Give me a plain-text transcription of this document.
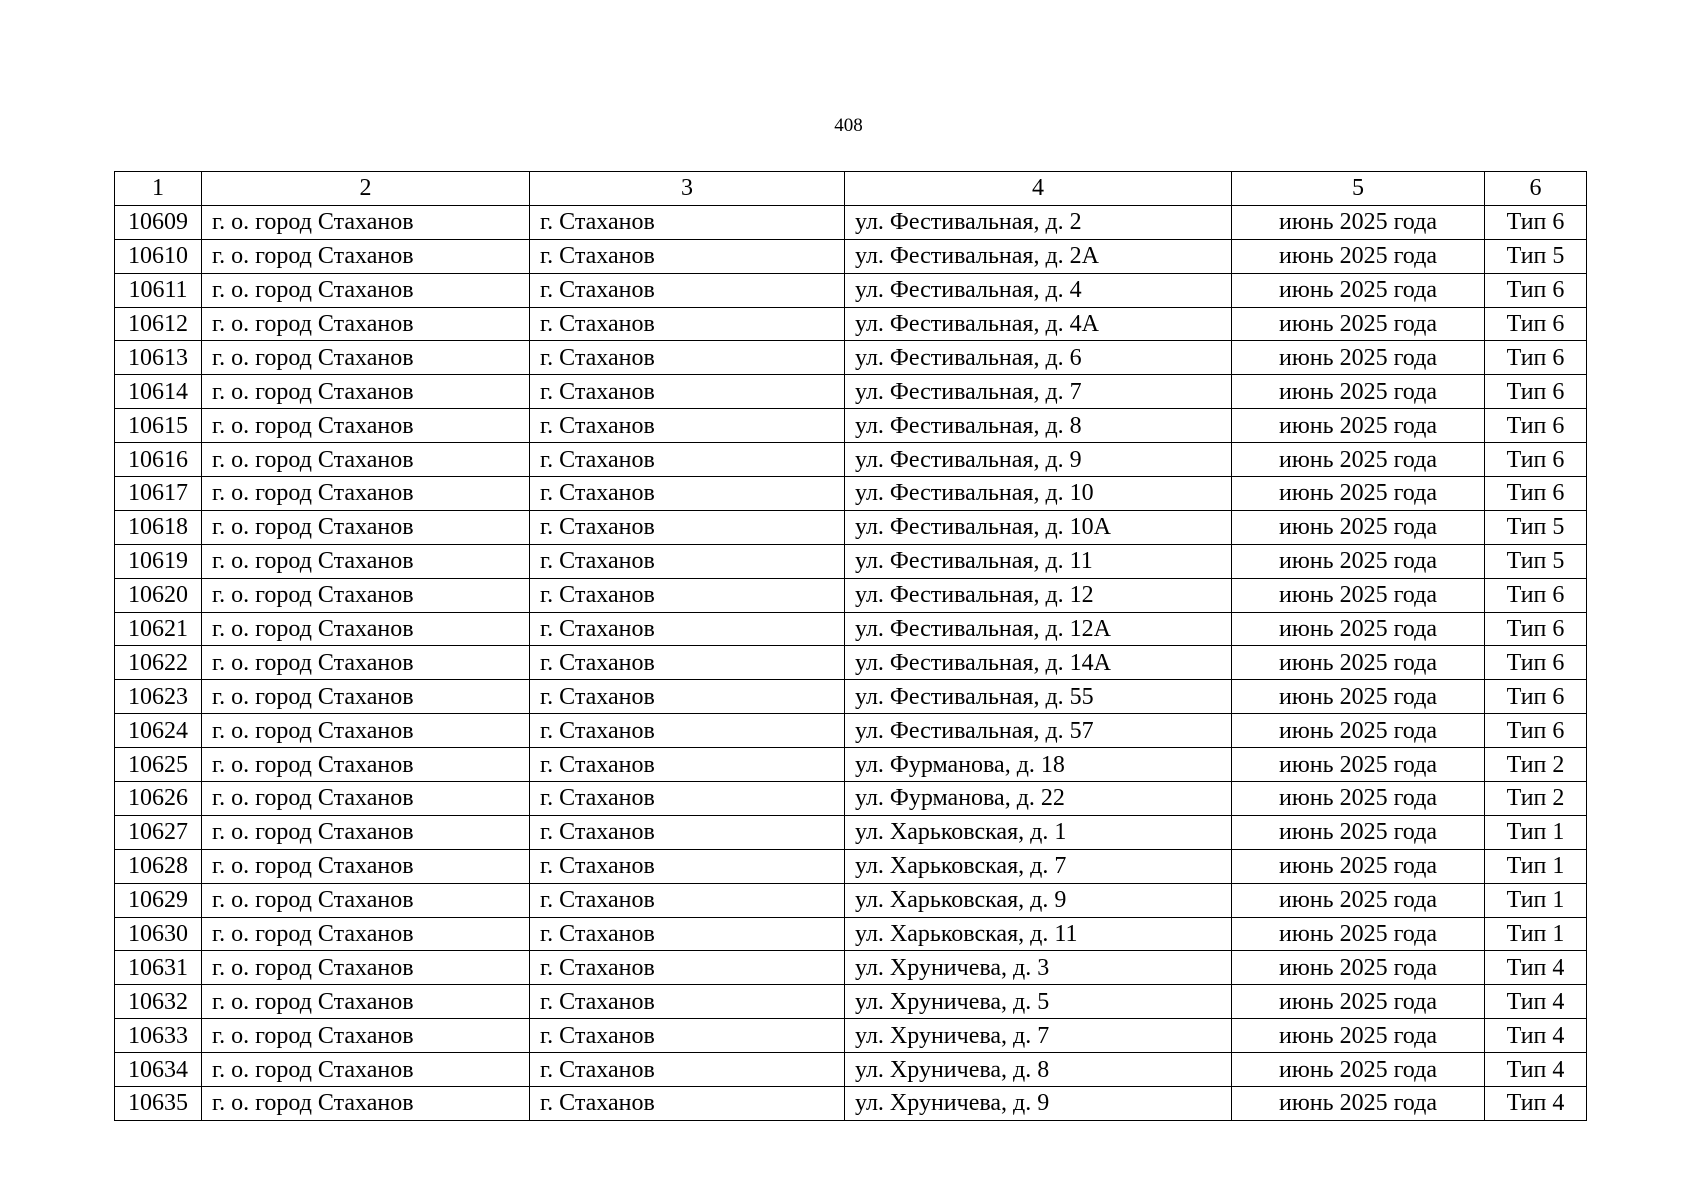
408
1	2	3	4	5	6
10609	г. о. город Стаханов	г. Стаханов	ул. Фестивальная, д. 2	июнь 2025 года	Тип 6
10610	г. о. город Стаханов	г. Стаханов	ул. Фестивальная, д. 2А	июнь 2025 года	Тип 5
10611	г. о. город Стаханов	г. Стаханов	ул. Фестивальная, д. 4	июнь 2025 года	Тип 6
10612	г. о. город Стаханов	г. Стаханов	ул. Фестивальная, д. 4А	июнь 2025 года	Тип 6
10613	г. о. город Стаханов	г. Стаханов	ул. Фестивальная, д. 6	июнь 2025 года	Тип 6
10614	г. о. город Стаханов	г. Стаханов	ул. Фестивальная, д. 7	июнь 2025 года	Тип 6
10615	г. о. город Стаханов	г. Стаханов	ул. Фестивальная, д. 8	июнь 2025 года	Тип 6
10616	г. о. город Стаханов	г. Стаханов	ул. Фестивальная, д. 9	июнь 2025 года	Тип 6
10617	г. о. город Стаханов	г. Стаханов	ул. Фестивальная, д. 10	июнь 2025 года	Тип 6
10618	г. о. город Стаханов	г. Стаханов	ул. Фестивальная, д. 10А	июнь 2025 года	Тип 5
10619	г. о. город Стаханов	г. Стаханов	ул. Фестивальная, д. 11	июнь 2025 года	Тип 5
10620	г. о. город Стаханов	г. Стаханов	ул. Фестивальная, д. 12	июнь 2025 года	Тип 6
10621	г. о. город Стаханов	г. Стаханов	ул. Фестивальная, д. 12А	июнь 2025 года	Тип 6
10622	г. о. город Стаханов	г. Стаханов	ул. Фестивальная, д. 14А	июнь 2025 года	Тип 6
10623	г. о. город Стаханов	г. Стаханов	ул. Фестивальная, д. 55	июнь 2025 года	Тип 6
10624	г. о. город Стаханов	г. Стаханов	ул. Фестивальная, д. 57	июнь 2025 года	Тип 6
10625	г. о. город Стаханов	г. Стаханов	ул. Фурманова, д. 18	июнь 2025 года	Тип 2
10626	г. о. город Стаханов	г. Стаханов	ул. Фурманова, д. 22	июнь 2025 года	Тип 2
10627	г. о. город Стаханов	г. Стаханов	ул. Харьковская, д. 1	июнь 2025 года	Тип 1
10628	г. о. город Стаханов	г. Стаханов	ул. Харьковская, д. 7	июнь 2025 года	Тип 1
10629	г. о. город Стаханов	г. Стаханов	ул. Харьковская, д. 9	июнь 2025 года	Тип 1
10630	г. о. город Стаханов	г. Стаханов	ул. Харьковская, д. 11	июнь 2025 года	Тип 1
10631	г. о. город Стаханов	г. Стаханов	ул. Хруничева, д. 3	июнь 2025 года	Тип 4
10632	г. о. город Стаханов	г. Стаханов	ул. Хруничева, д. 5	июнь 2025 года	Тип 4
10633	г. о. город Стаханов	г. Стаханов	ул. Хруничева, д. 7	июнь 2025 года	Тип 4
10634	г. о. город Стаханов	г. Стаханов	ул. Хруничева, д. 8	июнь 2025 года	Тип 4
10635	г. о. город Стаханов	г. Стаханов	ул. Хруничева, д. 9	июнь 2025 года	Тип 4
